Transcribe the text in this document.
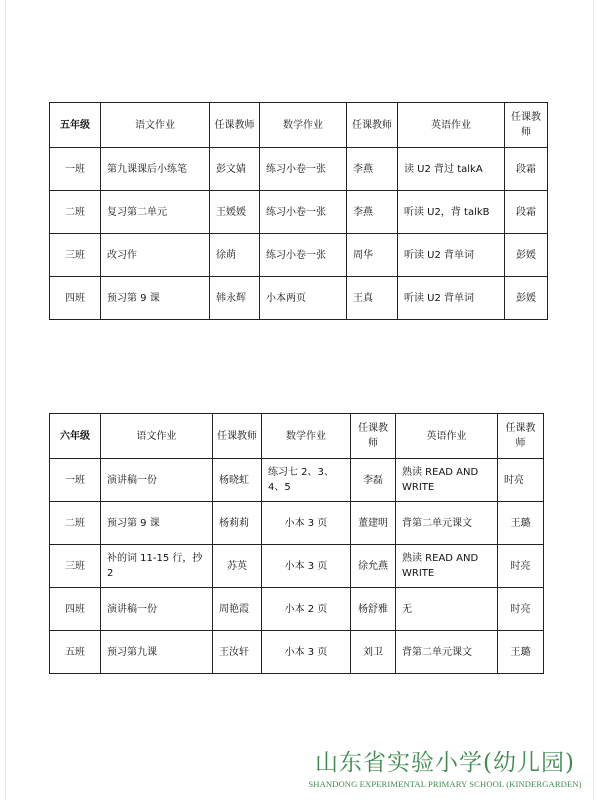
五年级	语文作业	任课教师	数学作业	任课教师	英语作业	任课教师
一班	第九课课后小练笔	彭文婧	练习小卷一张	李燕	读 U2 背过 talkA	段霜
二班	复习第二单元	王媛媛	练习小卷一张	李燕	听读 U2，背 talkB	段霜
三班	改习作	徐萌	练习小卷一张	周华	听读 U2 背单词	彭媛
四班	预习第 9 课	韩永辉	小本两页	王真	听读 U2 背单词	彭媛
六年级	语文作业	任课教师	数学作业	任课教师	英语作业	任课教师
一班	演讲稿一份	杨晓虹	练习七 2、3、4、5	李磊	熟读 READ AND WRITE	时亮
二班	预习第 9 课	杨莉莉	小本 3 页	董建明	背第二单元课文	王璐
三班	补的词 11-15 行，抄 2	苏英	小本 3 页	徐允燕	熟读 READ AND WRITE	时亮
四班	演讲稿一份	周艳霞	小本 2 页	杨舒雅	无	时亮
五班	预习第九课	王汝轩	小本 3 页	刘卫	背第二单元课文	王璐
山东省实验小学(幼儿园)
SHANDONG EXPERIMENTAL PRIMARY SCHOOL (KINDERGARDEN)
